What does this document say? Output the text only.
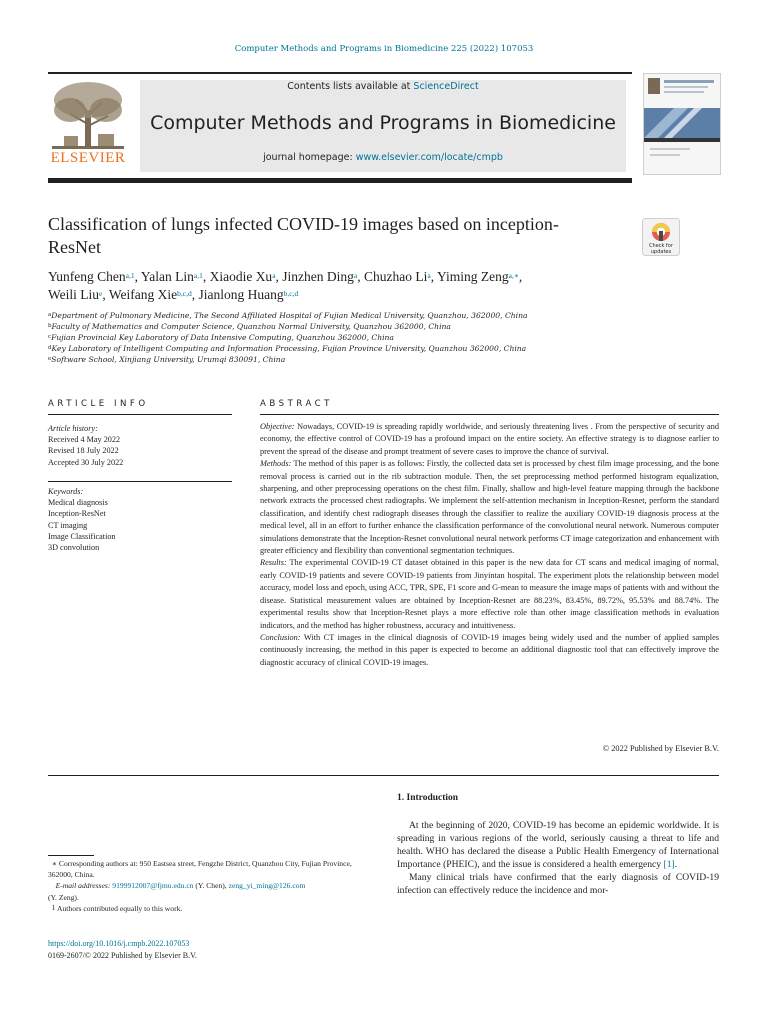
Computer Methods and Programs in Biomedicine 225 (2022) 107053
ELSEVIER
Contents lists available at ScienceDirect
Computer Methods and Programs in Biomedicine
journal homepage: www.elsevier.com/locate/cmpb
Classification of lungs infected COVID-19 images based on inception-ResNet	Check for
updates
Yunfeng Chen$^{a,1}$, Yalan Lin$^{a,1}$, Xiaodie Xu$^a$, Jinzhen Ding$^a$, Chuzhao Li$^a$, Yiming Zeng$^{a,∗}$,
Weili Liu$^e$, Weifang Xie$^{b,c,d}$, Jianlong Huang$^{b,c,d}$
$^a$Department of Pulmonary Medicine, The Second Affiliated Hospital of Fujian Medical University, Quanzhou, 362000, China
$^b$Faculty of Mathematics and Computer Science, Quanzhou Normal University, Quanzhou 362000, China
$^c$Fujian Provincial Key Laboratory of Data Intensive Computing, Quanzhou 362000, China
$^d$Key Laboratory of Intelligent Computing and Information Processing, Fujian Province University, Quanzhou 362000, China
$^e$Software School, Xinjiang University, Urumqi 830091, China
ARTICLE INFO	ABSTRACT
Article history:
Received 4 May 2022
Revised 18 July 2022
Accepted 30 July 2022
Keywords:
Medical diagnosis
Inception-ResNet
CT imaging
Image Classification
3D convolution

Objective: Nowadays, COVID-19 is spreading rapidly worldwide, and seriously threatening lives . From the perspective of security and economy, the effective control of COVID-19 has a profound impact on the entire society. An effective strategy is to diagnose earlier to prevent the spread of the disease and prompt treatment of severe cases to improve the chance of survival.

Methods: The method of this paper is as follows: Firstly, the collected data set is processed by chest film image processing, and the bone removal process is carried out in the rib subtraction module. Then, the set preprocessing method performed histogram equalization, sharpening, and other preprocessing operations on the chest film. Finally, shallow and high-level feature mapping through the backbone network extracts the processed chest radiographs. We implement the self-attention mechanism in Inception-Resnet, perform the standard classification, and identify chest radiograph diseases through the classifier to realize the auxiliary COVID-19 diagnosis process at the medical level, all in an effort to further enhance the classification performance of the convolutional neural network. Numerous computer simulations demonstrate that the Inception-Resnet convolutional neural network performs CT image categorization and enhancement with greater efficiency and flexibility than conventional segmentation techniques.

Results: The experimental COVID-19 CT dataset obtained in this paper is the new data for CT scans and medical imaging of normal, early COVID-19 patients and severe COVID-19 patients from Jinyintan hospital. The experiment plots the relationship between model accuracy, model loss and epoch, using ACC, TPR, SPE, F1 score and G-mean to measure the image maps of patients with and without the disease. Statistical measurement values are obtained by Inception-Resnet are 88.23%, 83.45%, 89.72%, 95.53% and 88.74%. The experimental results show that Inception-Resnet plays a more effective role than other image classification methods in evaluation indicators, and the method has higher robustness, accuracy and intuitiveness.

Conclusion: With CT images in the clinical diagnosis of COVID-19 images being widely used and the number of applied samples continuously increasing, the method in this paper is expected to become an additional diagnostic tool that can effectively improve the diagnostic accuracy of clinical COVID-19 images.

© 2022 Published by Elsevier B.V.
1. Introduction

At the beginning of 2020, COVID-19 has become an epidemic worldwide. It is spreading in various regions of the world, seriously causing a threat to life and health. WHO has declared the disease a Public Health Emergency of International Importance (PHEIC), and the issue is considered a health emergency [1].

Many clinical trials have confirmed that the early diagnosis of COVID-19 infection can effectively reduce the incidence and mor-

∗ Corresponding authors at: 950 Eastsea street, Fengzhe District, Quanzhou City, Fujian Province, 362000, China.

E-mail addresses: 9199912007@fjmu.edu.cn (Y. Chen), zeng_yi_ming@126.com
(Y. Zeng).

$^1$ Authors contributed equally to this work.

https://doi.org/10.1016/j.cmpb.2022.107053
0169-2607/© 2022 Published by Elsevier B.V.
